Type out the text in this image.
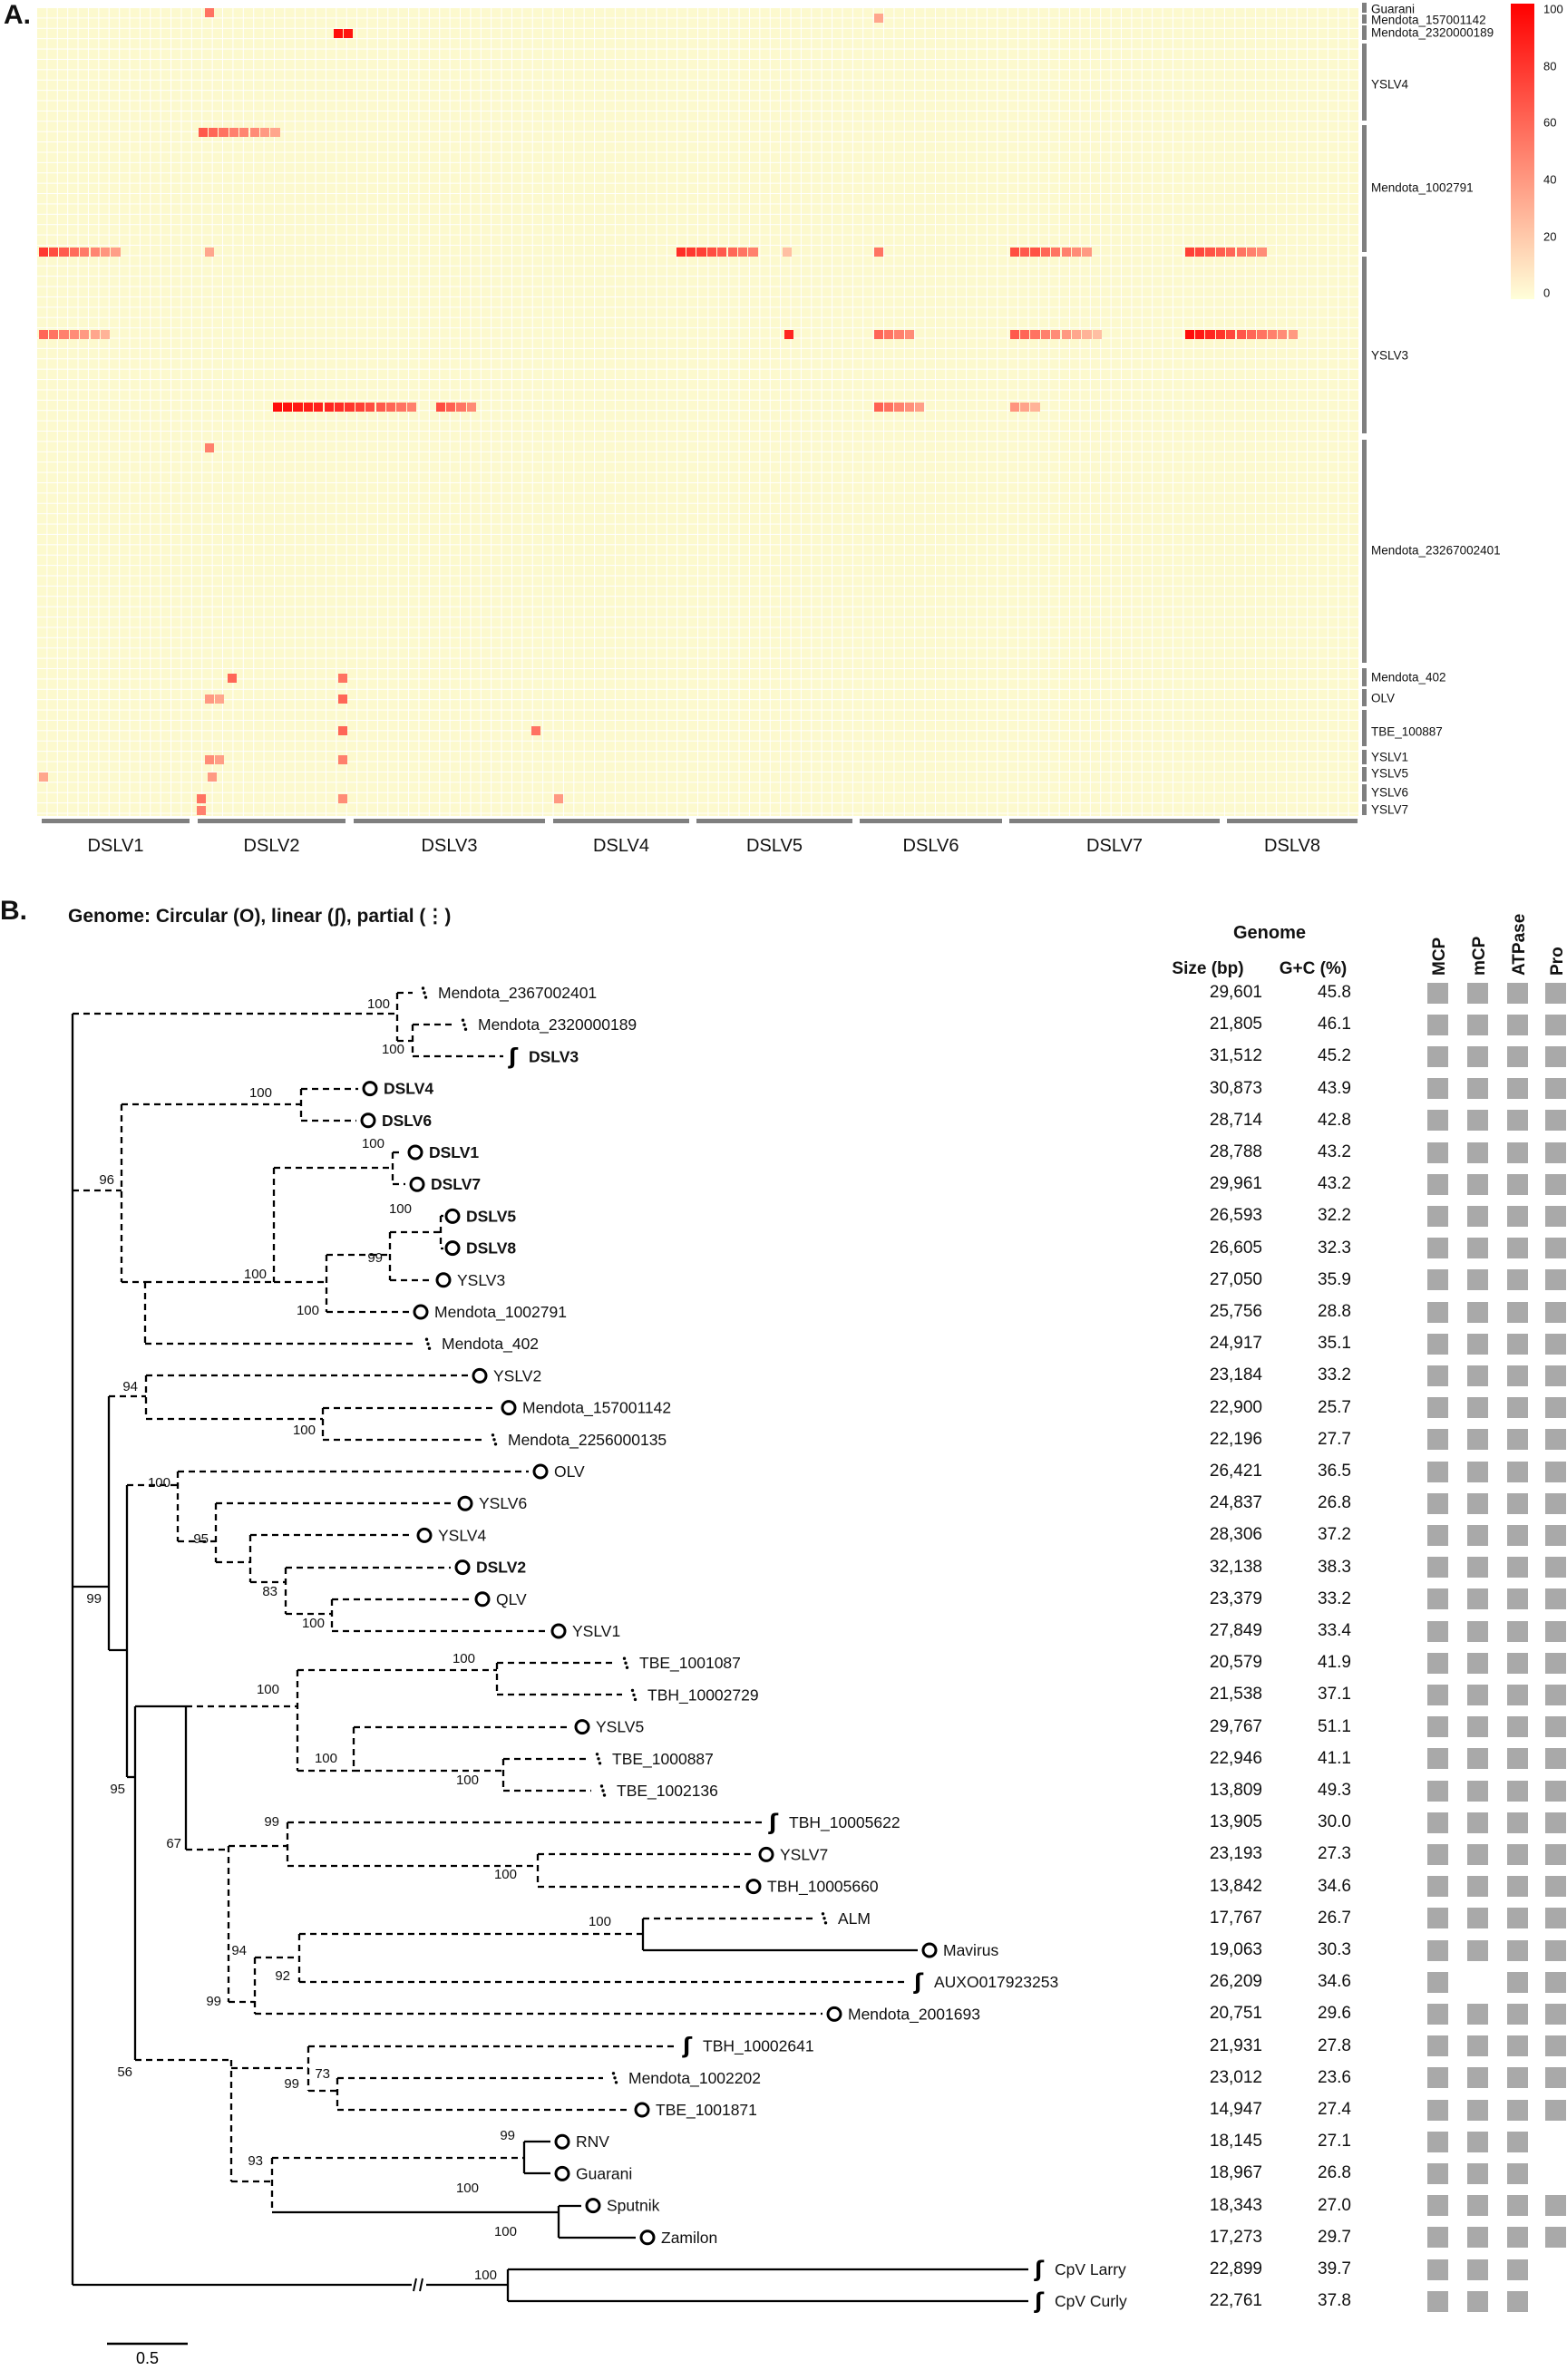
A.	Guarani
Mendota_157001142
Mendota_2320000189
YSLV4
Mendota_1002791
YSLV3
Mendota_23267002401
Mendota_402
OLV
TBE_100887
YSLV1
YSLV5
YSLV6
YSLV7
DSLV1	DSLV2	DSLV3	DSLV4	DSLV5	DSLV6	DSLV7	DSLV8
100
80
60
40
20
0
B. Genome: Circular (O), linear (ʃ), partial (⋮)
Genome
Size (bp)	G+C (%)	MCP mCP ATPase Pro
100
100
100
96
100
100
100
99
100
94
100
100
95
83
100
99
95
100
100
100
100
67
99
100
94
100
92
99
56
99
73
93
99
100
100
100
Mendota_2367002401
Mendota_2320000189
ʃ DSLV3
DSLV4
DSLV6
DSLV1
DSLV7
DSLV5
DSLV8
YSLV3
Mendota_1002791
Mendota_402
YSLV2
Mendota_157001142
Mendota_2256000135
OLV
YSLV6
YSLV4
DSLV2
QLV
YSLV1
TBE_1001087
TBH_10002729
YSLV5
TBE_1000887
TBE_1002136
ʃ TBH_10005622
YSLV7
TBH_10005660
ALM
Mavirus
ʃ AUXO017923253
Mendota_2001693
ʃ TBH_10002641
Mendota_1002202
TBE_1001871
RNV
Guarani
Sputnik
Zamilon
ʃ CpV Larry
ʃ CpV Curly
0.5
29,601	45.8
21,805	46.1
31,512	45.2
30,873	43.9
28,714	42.8
28,788	43.2
29,961	43.2
26,593	32.2
26,605	32.3
27,050	35.9
25,756	28.8
24,917	35.1
23,184	33.2
22,900	25.7
22,196	27.7
26,421	36.5
24,837	26.8
28,306	37.2
32,138	38.3
23,379	33.2
27,849	33.4
20,579	41.9
21,538	37.1
29,767	51.1
22,946	41.1
13,809	49.3
13,905	30.0
23,193	27.3
13,842	34.6
17,767	26.7
19,063	30.3
26,209	34.6
20,751	29.6
21,931	27.8
23,012	23.6
14,947	27.4
18,145	27.1
18,967	26.8
18,343	27.0
17,273	29.7
22,899	39.7
22,761	37.8
